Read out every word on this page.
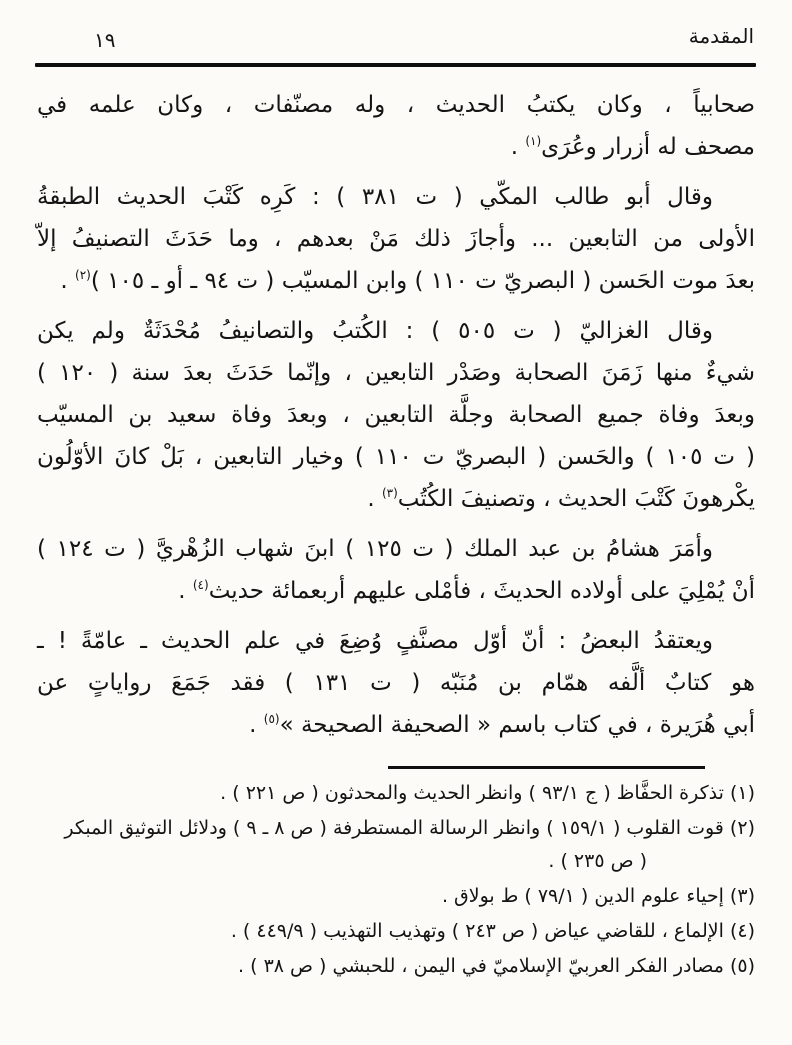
المقدمة
١٩
صحابياً ، وكان يكتبُ الحديث ، وله مصنّفات ، وكان علمه في
مصحف له أزرار وعُرَى$^{(١)}$ .
وقال أبو طالب المكّي ( ت ٣٨١ ) : كَرِه كَتْبَ الحديث الطبقةُ
الأولى من التابعين ... وأجازَ ذلك مَنْ بعدهم ، وما حَدَثَ التصنيفُ إلاّ
بعدَ موت الحَسن ( البصريّ ت ١١٠ ) وابن المسيّب ( ت ٩٤ ـ أو ـ ١٠٥ )$^{(٢)}$ .
وقال الغزاليّ ( ت ٥٠٥ ) : الكُتبُ والتصانيفُ مُحْدَثَةٌ ولم يكن
شيءٌ منها زَمَنَ الصحابة وصَدْر التابعين ، وإنّما حَدَثَ بعدَ سنة ( ١٢٠ )
وبعدَ وفاة جميع الصحابة وجلَّة التابعين ، وبعدَ وفاة سعيد بن المسيّب
( ت ١٠٥ ) والحَسن ( البصريّ ت ١١٠ ) وخيار التابعين ، بَلْ كانَ الأوّلُون
يكْرهونَ كَتْبَ الحديث ، وتصنيفَ الكُتُب$^{(٣)}$ .
وأمَرَ هشامُ بن عبد الملك ( ت ١٢٥ ) ابنَ شهاب الزُهْريَّ ( ت ١٢٤ )
أنْ يُمْلِيَ على أولاده الحديثَ ، فأمْلى عليهم أربعمائة حديث$^{(٤)}$ .
ويعتقدُ البعضُ : أنّ أوّل مصنَّفٍ وُضِعَ في علم الحديث ـ عامّةً ! ـ
هو كتابٌ ألَّفه همّام بن مُنَبّه ( ت ١٣١ ) فقد جَمَعَ رواياتٍ عن
أبي هُرَيرة ، في كتاب باسم « الصحيفة الصحيحة »$^{(٥)}$ .
(١) تذكرة الحفَّاظ ( ج ٩٣/١ ) وانظر الحديث والمحدثون ( ص ٢٢١ ) .
(٢) قوت القلوب ( ١٥٩/١ ) وانظر الرسالة المستطرفة ( ص ٨ ـ ٩ ) ودلائل التوثيق المبكر
( ص ٢٣٥ ) .
(٣) إحياء علوم الدين ( ٧٩/١ ) ط بولاق .
(٤) الإلماع ، للقاضي عياض ( ص ٢٤٣ ) وتهذيب التهذيب ( ٤٤٩/٩ ) .
(٥) مصادر الفكر العربيّ الإسلاميّ في اليمن ، للحبشي ( ص ٣٨ ) .
